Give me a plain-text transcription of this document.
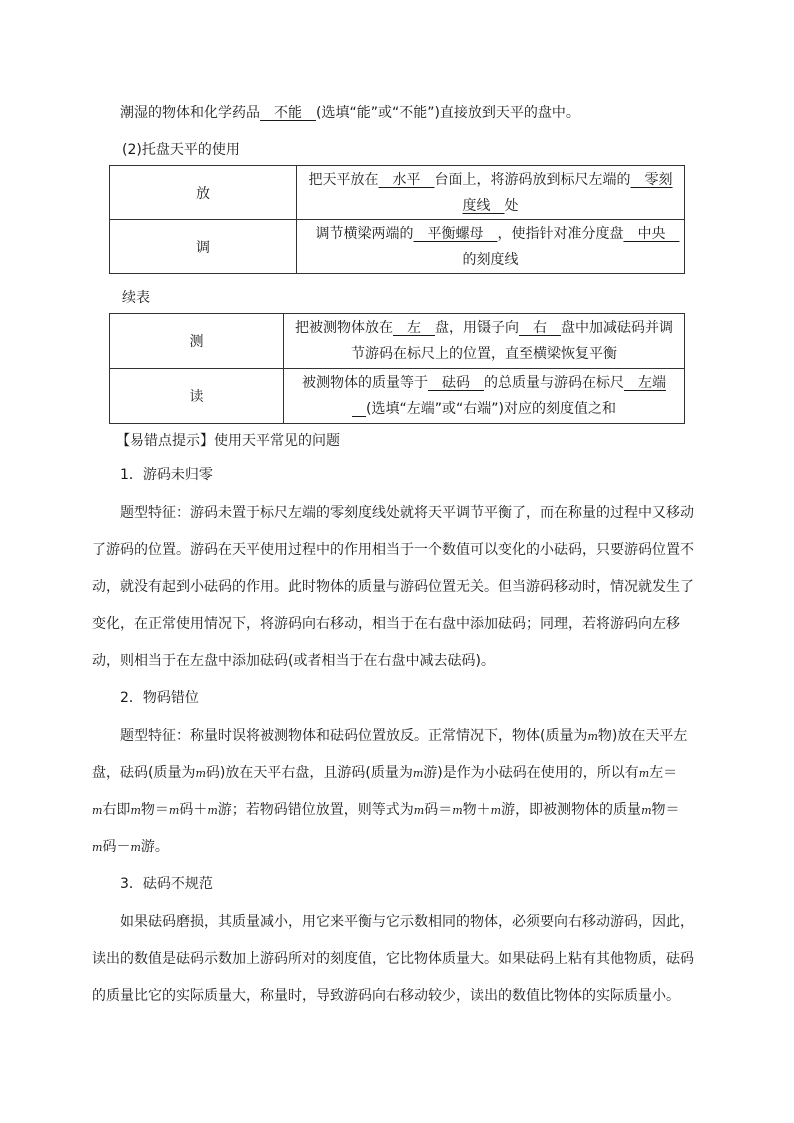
潮湿的物体和化学药品　不能　(选填“能”或“不能”)直接放到天平的盘中。
(2)托盘天平的使用
放	把天平放在　水平　台面上，将游码放到标尺左端的　零刻
度线　处

调	调节横梁两端的　平衡螺母　，使指针对准分度盘　中央　
的刻度线
续表
测	把被测物体放在　左　盘，用镊子向　右　盘中加减砝码并调
节游码在标尺上的位置，直至横梁恢复平衡

读	被测物体的质量等于　砝码　的总质量与游码在标尺　左端
　(选填“左端”或“右端”)对应的刻度值之和
【易错点提示】使用天平常见的问题
1．游码未归零
题型特征：游码未置于标尺左端的零刻度线处就将天平调节平衡了，而在称量的过程中又移动
了游码的位置。游码在天平使用过程中的作用相当于一个数值可以变化的小砝码，只要游码位置不
动，就没有起到小砝码的作用。此时物体的质量与游码位置无关。但当游码移动时，情况就发生了
变化，在正常使用情况下，将游码向右移动，相当于在右盘中添加砝码；同理，若将游码向左移
动，则相当于在左盘中添加砝码(或者相当于在右盘中减去砝码)。
2．物码错位
题型特征：称量时误将被测物体和砝码位置放反。正常情况下，物体(质量为m物)放在天平左
盘，砝码(质量为m码)放在天平右盘，且游码(质量为m游)是作为小砝码在使用的，所以有m左＝
m右即m物＝m码＋m游；若物码错位放置，则等式为m码＝m物＋m游，即被测物体的质量m物＝
m码－m游。
3．砝码不规范
如果砝码磨损，其质量减小，用它来平衡与它示数相同的物体，必须要向右移动游码，因此，
读出的数值是砝码示数加上游码所对的刻度值，它比物体质量大。如果砝码上粘有其他物质，砝码
的质量比它的实际质量大，称量时，导致游码向右移动较少，读出的数值比物体的实际质量小。
